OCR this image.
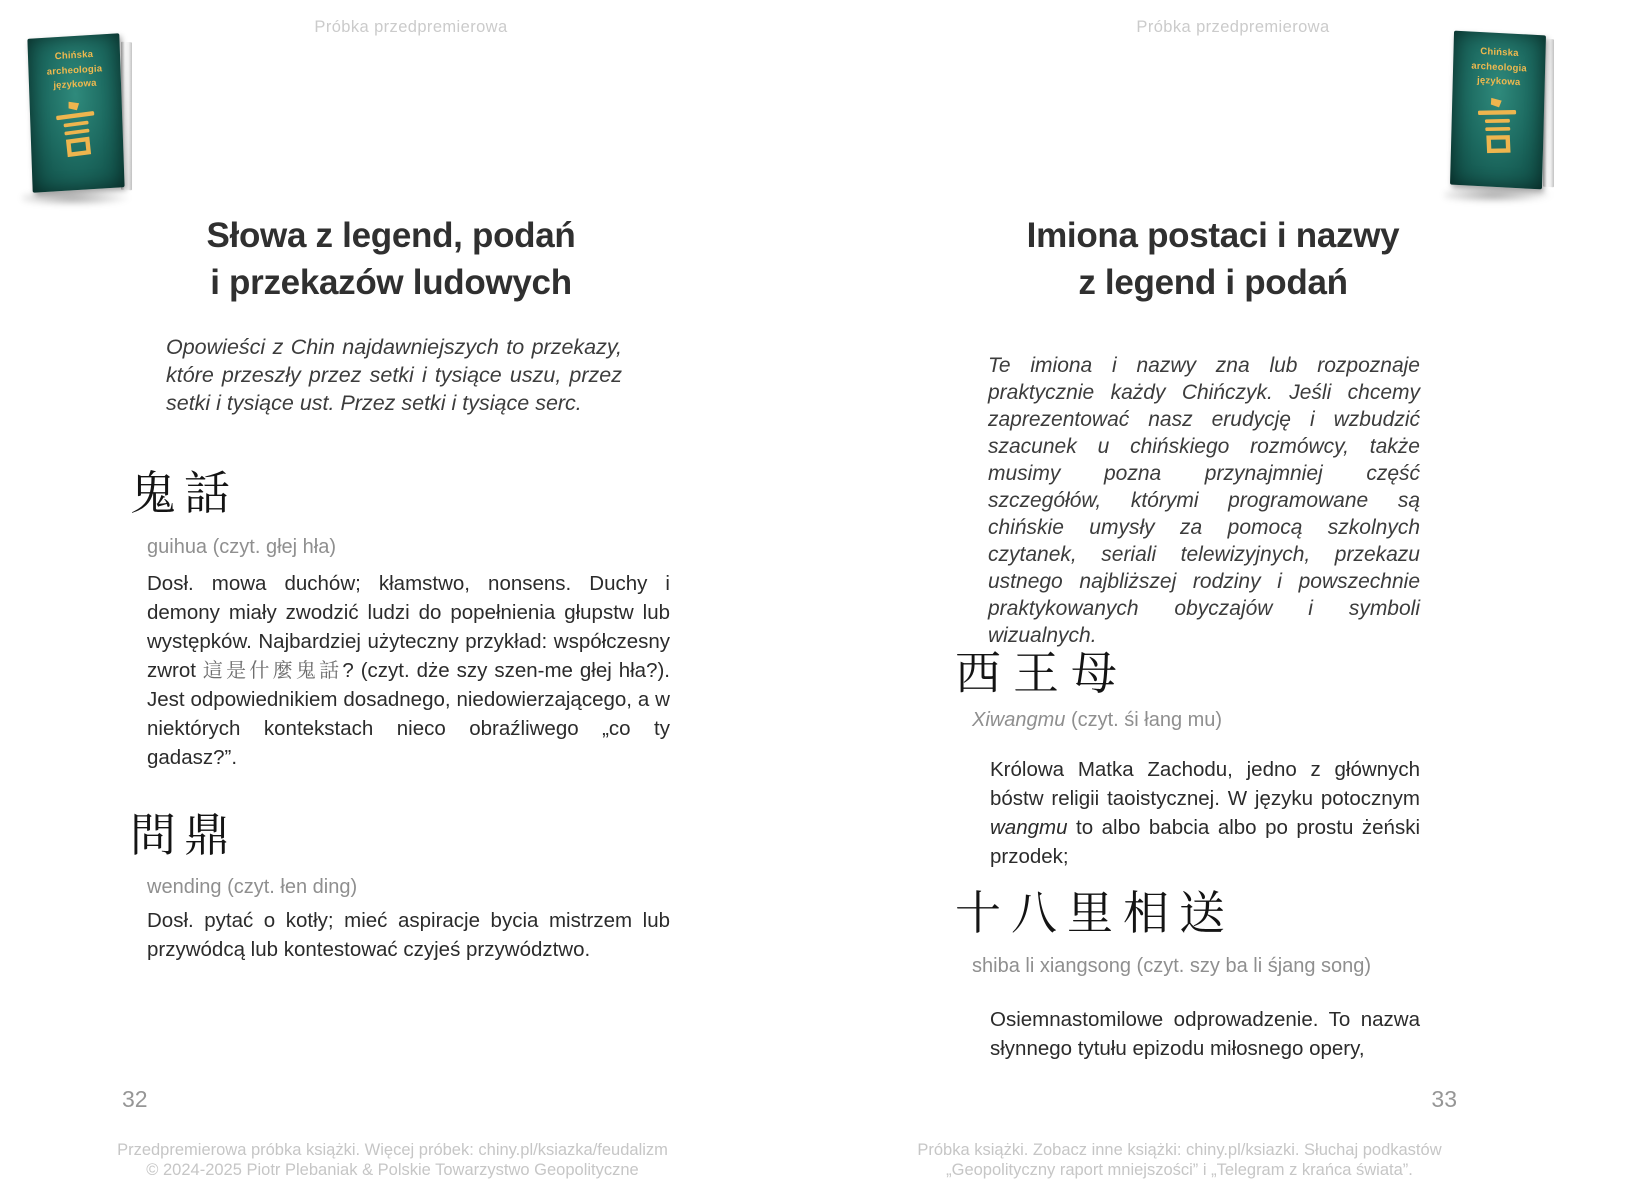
Próbka przedpremierowa
Chińska archeologia językowa
Słowa z legend, podań
i przekazów ludowych
Opowieści z Chin najdawniejszych to przekazy, które przeszły przez setki i tysiące uszu, przez setki i tysiące ust. Przez setki i tysiące serc.
鬼話
guihua (czyt. głej hła)
Dosł. mowa duchów; kłamstwo, nonsens. Duchy i demony miały zwodzić ludzi do popełnienia głupstw lub występków. Najbardziej użyteczny przykład: współczesny zwrot 這是什麼鬼話? (czyt. dże szy szen-me głej hła?). Jest odpowiednikiem dosadnego, niedowierzającego, a w niektórych kontekstach nieco obraźliwego „co ty gadasz?”.
問鼎
wending (czyt. łen ding)
Dosł. pytać o kotły; mieć aspiracje bycia mistrzem lub przywódcą lub kontestować czyjeś przywództwo.
32
Przedpremierowa próbka książki. Więcej próbek: chiny.pl/ksiazka/feudalizm
© 2024-2025 Piotr Plebaniak & Polskie Towarzystwo Geopolityczne
Próbka przedpremierowa
Chińska archeologia językowa
Imiona postaci i nazwy
z legend i podań
Te imiona i nazwy zna lub rozpoznaje praktycznie każdy Chińczyk. Jeśli chcemy zaprezentować nasz erudycję i wzbudzić szacunek u chińskiego rozmówcy, także musimy pozna przynajmniej część szczegółów, którymi programowane są chińskie umysły za pomocą szkolnych czytanek, seriali telewizyjnych, przekazu ustnego najbliższej rodziny i powszechnie praktykowanych obyczajów i symboli wizualnych.
西王母
Xiwangmu (czyt. śi łang mu)
Królowa Matka Zachodu, jedno z głównych bóstw religii taoistycznej. W języku potocznym wangmu to albo babcia albo po prostu żeński przodek;
十八里相送
shiba li xiangsong (czyt. szy ba li śjang song)
Osiemnastomilowe odprowadzenie. To nazwa słynnego tytułu epizodu miłosnego opery,
33
Próbka książki. Zobacz inne książki: chiny.pl/ksiazki. Słuchaj podkastów
„Geopolityczny raport mniejszości” i „Telegram z krańca świata”.
